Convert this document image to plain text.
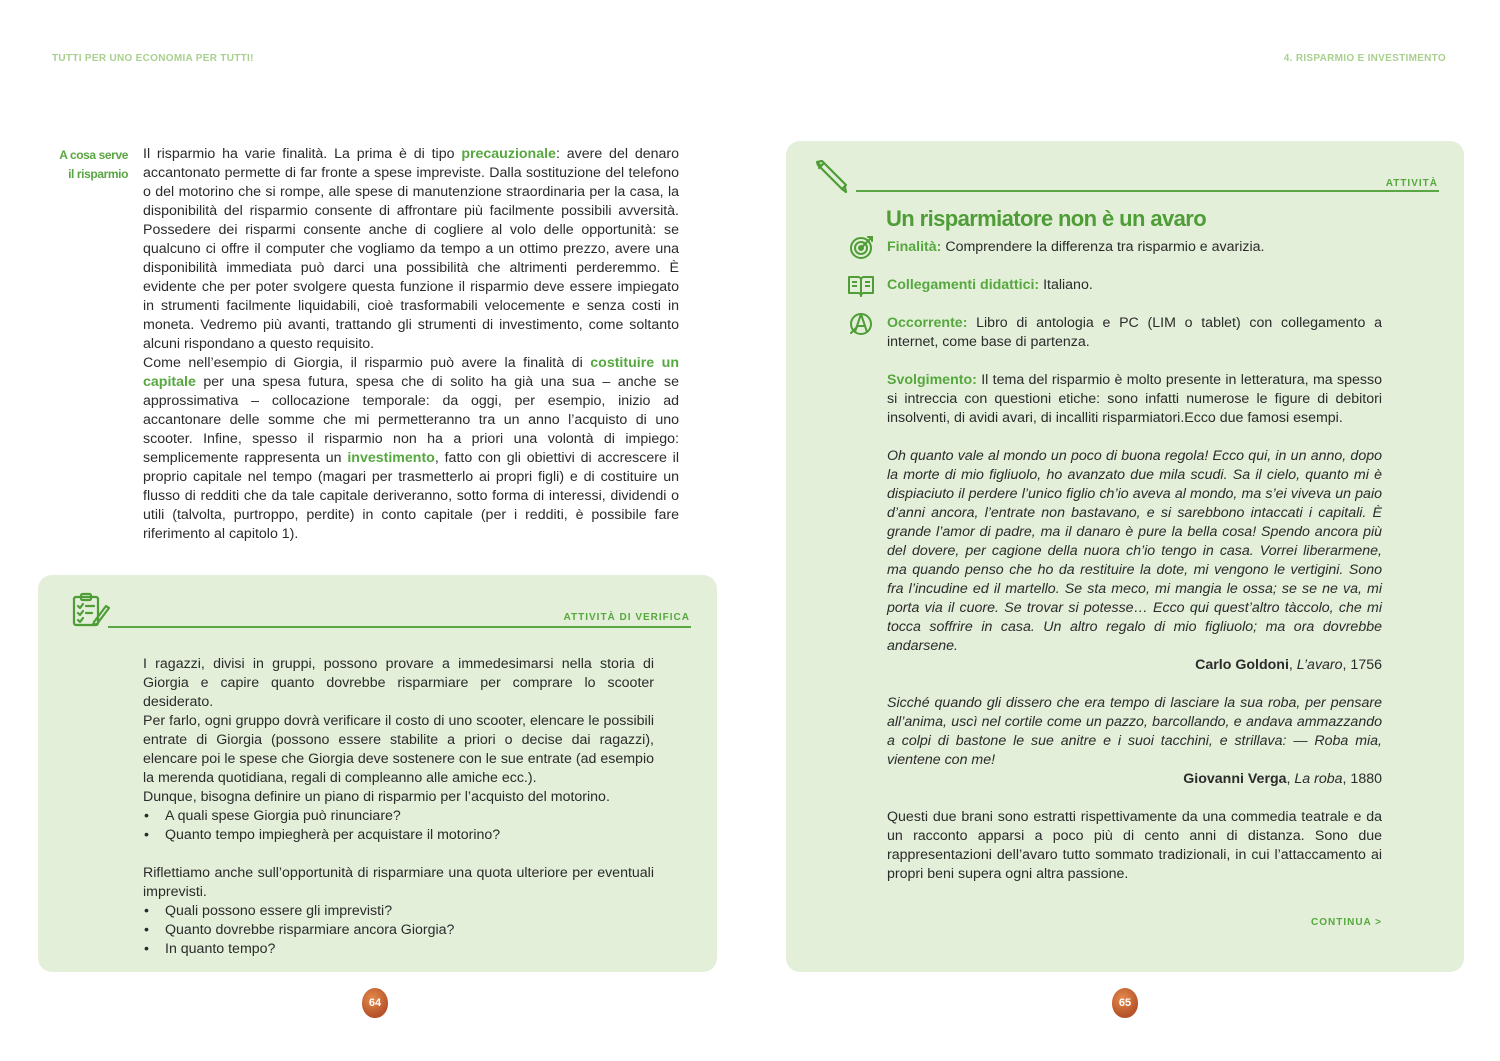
TUTTI PER UNO ECONOMIA PER TUTTI!	4. RISPARMIO E INVESTIMENTO
A cosa serve
il risparmio

Il risparmio ha varie finalità. La prima è di tipo precauzionale: avere del denaro accantonato permette di far fronte a spese impreviste. Dalla sostituzione del telefono o del motorino che si rompe, alle spese di manutenzione straordinaria per la casa, la disponibilità del risparmio consente di affrontare più facilmente possibili avversità. Possedere dei risparmi consente anche di cogliere al volo delle opportunità: se qualcuno ci offre il computer che vogliamo da tempo a un ottimo prezzo, avere una disponibilità immediata può darci una possibilità che altrimenti perderemmo. È evidente che per poter svolgere questa funzione il risparmio deve essere impiegato in strumenti facilmente liquidabili, cioè trasformabili velocemente e senza costi in moneta. Vedremo più avanti, trattando gli strumenti di investimento, come soltanto alcuni rispondano a questo requisito.

Come nell’esempio di Giorgia, il risparmio può avere la finalità di costituire un capitale per una spesa futura, spesa che di solito ha già una sua – anche se approssimativa – collocazione temporale: da oggi, per esempio, inizio ad accantonare delle somme che mi permetteranno tra un anno l’acquisto di uno scooter. Infine, spesso il risparmio non ha a priori una volontà di impiego: semplicemente rappresenta un investimento, fatto con gli obiettivi di accrescere il proprio capitale nel tempo (magari per trasmetterlo ai propri figli) e di costituire un flusso di redditi che da tale capitale deriveranno, sotto forma di interessi, dividendi o utili (talvolta, purtroppo, perdite) in conto capitale (per i redditi, è possibile fare riferimento al capitolo 1).

ATTIVITÀ DI VERIFICA

I ragazzi, divisi in gruppi, possono provare a immedesimarsi nella storia di Giorgia e capire quanto dovrebbe risparmiare per comprare lo scooter desiderato.

Per farlo, ogni gruppo dovrà verificare il costo di uno scooter, elencare le possibili entrate di Giorgia (possono essere stabilite a priori o decise dai ragazzi), elencare poi le spese che Giorgia deve sostenere con le sue entrate (ad esempio la merenda quotidiana, regali di compleanno alle amiche ecc.).

Dunque, bisogna definire un piano di risparmio per l’acquisto del motorino.

• A quali spese Giorgia può rinunciare?
• Quanto tempo impiegherà per acquistare il motorino?

Riflettiamo anche sull’opportunità di risparmiare una quota ulteriore per eventuali imprevisti.

• Quali possono essere gli imprevisti?
• Quanto dovrebbe risparmiare ancora Giorgia?
• In quanto tempo?
ATTIVITÀ
Un risparmiatore non è un avaro

Finalità: Comprendere la differenza tra risparmio e avarizia.

Collegamenti didattici: Italiano.

Occorrente: Libro di antologia e PC (LIM o tablet) con collegamento a internet, come base di partenza.

Svolgimento: Il tema del risparmio è molto presente in letteratura, ma spesso si intreccia con questioni etiche: sono infatti numerose le figure di debitori insolventi, di avidi avari, di incalliti risparmiatori.Ecco due famosi esempi.

Oh quanto vale al mondo un poco di buona regola! Ecco qui, in un anno, dopo la morte di mio figliuolo, ho avanzato due mila scudi. Sa il cielo, quanto mi è dispiaciuto il perdere l’unico figlio ch’io aveva al mondo, ma s’ei viveva un paio d’anni ancora, l’entrate non bastavano, e si sarebbono intaccati i capitali. È grande l’amor di padre, ma il danaro è pure la bella cosa! Spendo ancora più del dovere, per cagione della nuora ch’io tengo in casa. Vorrei liberarmene, ma quando penso che ho da restituire la dote, mi vengono le vertigini. Sono fra l’incudine ed il martello. Se sta meco, mi mangia le ossa; se se ne va, mi porta via il cuore. Se trovar si potesse… Ecco qui quest’altro tàccolo, che mi tocca soffrire in casa. Un altro regalo di mio figliuolo; ma ora dovrebbe andarsene.

Carlo Goldoni, L’avaro, 1756

Sicché quando gli dissero che era tempo di lasciare la sua roba, per pensare all’anima, uscì nel cortile come un pazzo, barcollando, e andava ammazzando a colpi di bastone le sue anitre e i suoi tacchini, e strillava: — Roba mia, vientene con me!

Giovanni Verga, La roba, 1880

Questi due brani sono estratti rispettivamente da una commedia teatrale e da un racconto apparsi a poco più di cento anni di distanza. Sono due rappresentazioni dell’avaro tutto sommato tradizionali, in cui l’attaccamento ai propri beni supera ogni altra passione.

CONTINUA >
64	65
